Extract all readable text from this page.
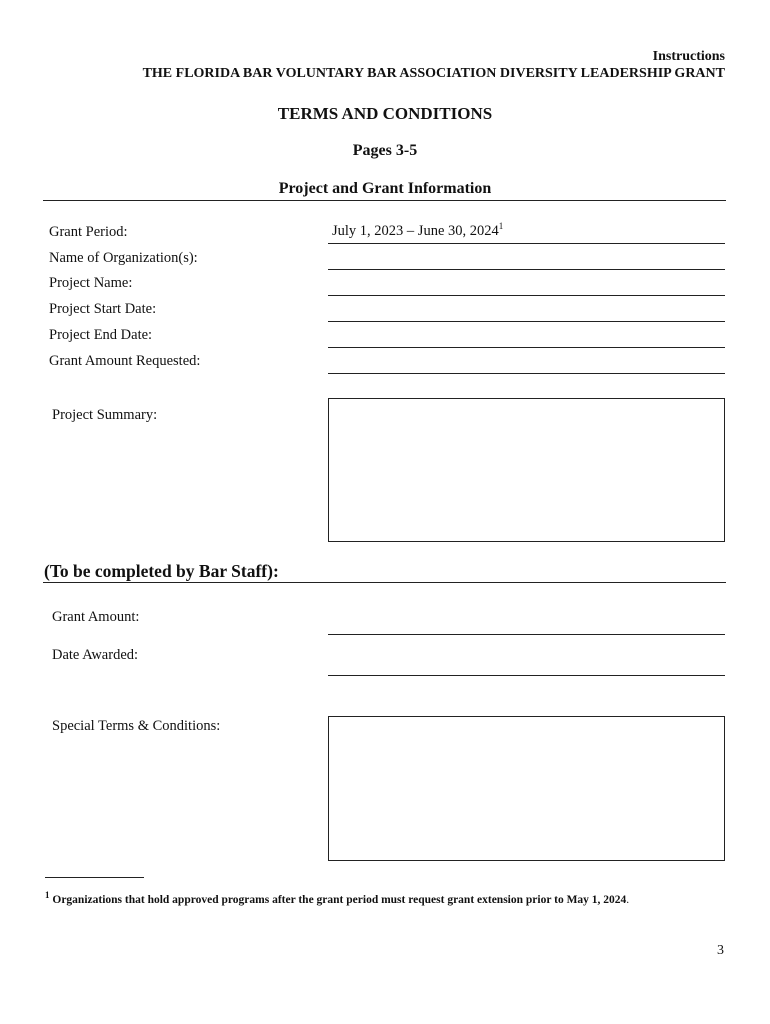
Instructions
THE FLORIDA BAR VOLUNTARY BAR ASSOCIATION DIVERSITY LEADERSHIP GRANT
TERMS AND CONDITIONS
Pages 3-5
Project and Grant Information
Grant Period:	July 1, 2023 – June 30, 2024$^1$
Name of Organization(s):
Project Name:
Project Start Date:
Project End Date:
Grant Amount Requested:
Project Summary:
(To be completed by Bar Staff):
Grant Amount:
Date Awarded:
Special Terms & Conditions:
$^1$ Organizations that hold approved programs after the grant period must request grant extension prior to May 1, 2024.
3
